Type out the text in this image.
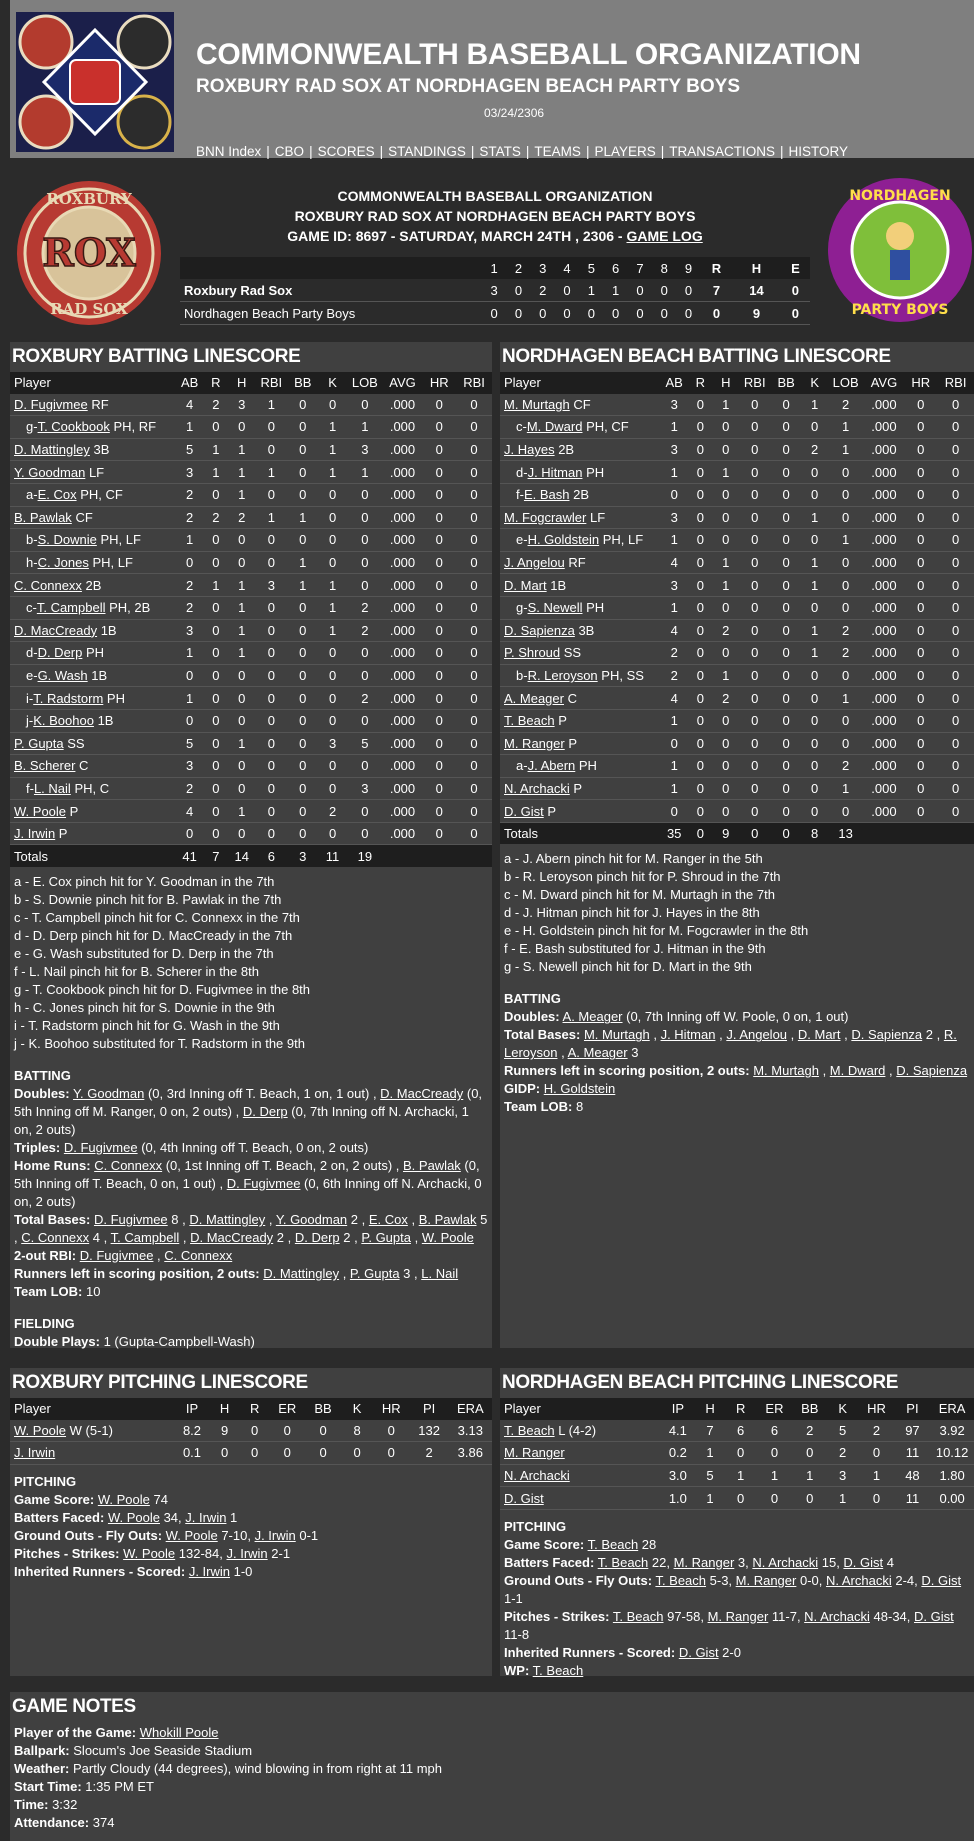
COMMONWEALTH BASEBALL ORGANIZATION
ROXBURY RAD SOX AT NORDHAGEN BEACH PARTY BOYS
03/24/2306
BNN Index | CBO | SCORES | STANDINGS | STATS | TEAMS | PLAYERS | TRANSACTIONS | HISTORY
ROX
ROXBURY
RAD SOX
NORDHAGEN
PARTY BOYS
COMMONWEALTH BASEBALL ORGANIZATION
ROXBURY RAD SOX AT NORDHAGEN BEACH PARTY BOYS
GAME ID: 8697 - SATURDAY, MARCH 24TH , 2306 - GAME LOG
	1	2	3	4	5	6	7	8	9	R	H	E
Roxbury Rad Sox	3	0	2	0	1	1	0	0	0	7	14	0
Nordhagen Beach Party Boys	0	0	0	0	0	0	0	0	0	0	9	0
ROXBURY BATTING LINESCORE
Player	AB	R	H	RBI	BB	K	LOB	AVG	HR	RBI
D. Fugivmee RF	4	2	3	1	0	0	0	.000	0	0
g-T. Cookbook PH, RF	1	0	0	0	0	1	1	.000	0	0
D. Mattingley 3B	5	1	1	0	0	1	3	.000	0	0
Y. Goodman LF	3	1	1	1	0	1	1	.000	0	0
a-E. Cox PH, CF	2	0	1	0	0	0	0	.000	0	0
B. Pawlak CF	2	2	2	1	1	0	0	.000	0	0
b-S. Downie PH, LF	1	0	0	0	0	0	0	.000	0	0
h-C. Jones PH, LF	0	0	0	0	1	0	0	.000	0	0
C. Connexx 2B	2	1	1	3	1	1	0	.000	0	0
c-T. Campbell PH, 2B	2	0	1	0	0	1	2	.000	0	0
D. MacCready 1B	3	0	1	0	0	1	2	.000	0	0
d-D. Derp PH	1	0	1	0	0	0	0	.000	0	0
e-G. Wash 1B	0	0	0	0	0	0	0	.000	0	0
i-T. Radstorm PH	1	0	0	0	0	0	2	.000	0	0
j-K. Boohoo 1B	0	0	0	0	0	0	0	.000	0	0
P. Gupta SS	5	0	1	0	0	3	5	.000	0	0
B. Scherer C	3	0	0	0	0	0	0	.000	0	0
f-L. Nail PH, C	2	0	0	0	0	0	3	.000	0	0
W. Poole P	4	0	1	0	0	2	0	.000	0	0
J. Irwin P	0	0	0	0	0	0	0	.000	0	0
Totals	41	7	14	6	3	11	19			
a - E. Cox pinch hit for Y. Goodman in the 7th
b - S. Downie pinch hit for B. Pawlak in the 7th
c - T. Campbell pinch hit for C. Connexx in the 7th
d - D. Derp pinch hit for D. MacCready in the 7th
e - G. Wash substituted for D. Derp in the 7th
f - L. Nail pinch hit for B. Scherer in the 8th
g - T. Cookbook pinch hit for D. Fugivmee in the 8th
h - C. Jones pinch hit for S. Downie in the 9th
i - T. Radstorm pinch hit for G. Wash in the 9th
j - K. Boohoo substituted for T. Radstorm in the 9th
BATTING
Doubles: Y. Goodman (0, 3rd Inning off T. Beach, 1 on, 1 out) , D. MacCready (0, 5th Inning off M. Ranger, 0 on, 2 outs) , D. Derp (0, 7th Inning off N. Archacki, 1 on, 2 outs)
Triples: D. Fugivmee (0, 4th Inning off T. Beach, 0 on, 2 outs)
Home Runs: C. Connexx (0, 1st Inning off T. Beach, 2 on, 2 outs) , B. Pawlak (0, 5th Inning off T. Beach, 0 on, 1 out) , D. Fugivmee (0, 6th Inning off N. Archacki, 0 on, 2 outs)
Total Bases: D. Fugivmee 8 , D. Mattingley , Y. Goodman 2 , E. Cox , B. Pawlak 5 , C. Connexx 4 , T. Campbell , D. MacCready 2 , D. Derp 2 , P. Gupta , W. Poole
2-out RBI: D. Fugivmee , C. Connexx
Runners left in scoring position, 2 outs: D. Mattingley , P. Gupta 3 , L. Nail
Team LOB: 10
FIELDING
Double Plays: 1 (Gupta-Campbell-Wash)
NORDHAGEN BEACH BATTING LINESCORE
Player	AB	R	H	RBI	BB	K	LOB	AVG	HR	RBI
M. Murtagh CF	3	0	1	0	0	1	2	.000	0	0
c-M. Dward PH, CF	1	0	0	0	0	0	1	.000	0	0
J. Hayes 2B	3	0	0	0	0	2	1	.000	0	0
d-J. Hitman PH	1	0	1	0	0	0	0	.000	0	0
f-E. Bash 2B	0	0	0	0	0	0	0	.000	0	0
M. Fogcrawler LF	3	0	0	0	0	1	0	.000	0	0
e-H. Goldstein PH, LF	1	0	0	0	0	0	1	.000	0	0
J. Angelou RF	4	0	1	0	0	1	0	.000	0	0
D. Mart 1B	3	0	1	0	0	1	0	.000	0	0
g-S. Newell PH	1	0	0	0	0	0	0	.000	0	0
D. Sapienza 3B	4	0	2	0	0	1	2	.000	0	0
P. Shroud SS	2	0	0	0	0	1	2	.000	0	0
b-R. Leroyson PH, SS	2	0	1	0	0	0	0	.000	0	0
A. Meager C	4	0	2	0	0	0	1	.000	0	0
T. Beach P	1	0	0	0	0	0	0	.000	0	0
M. Ranger P	0	0	0	0	0	0	0	.000	0	0
a-J. Abern PH	1	0	0	0	0	0	2	.000	0	0
N. Archacki P	1	0	0	0	0	0	1	.000	0	0
D. Gist P	0	0	0	0	0	0	0	.000	0	0
Totals	35	0	9	0	0	8	13			
a - J. Abern pinch hit for M. Ranger in the 5th
b - R. Leroyson pinch hit for P. Shroud in the 7th
c - M. Dward pinch hit for M. Murtagh in the 7th
d - J. Hitman pinch hit for J. Hayes in the 8th
e - H. Goldstein pinch hit for M. Fogcrawler in the 8th
f - E. Bash substituted for J. Hitman in the 9th
g - S. Newell pinch hit for D. Mart in the 9th
BATTING
Doubles: A. Meager (0, 7th Inning off W. Poole, 0 on, 1 out)
Total Bases: M. Murtagh , J. Hitman , J. Angelou , D. Mart , D. Sapienza 2 , R. Leroyson , A. Meager 3
Runners left in scoring position, 2 outs: M. Murtagh , M. Dward , D. Sapienza
GIDP: H. Goldstein
Team LOB: 8
ROXBURY PITCHING LINESCORE
Player	IP	H	R	ER	BB	K	HR	PI	ERA
W. Poole W (5-1)	8.2	9	0	0	0	8	0	132	3.13
J. Irwin	0.1	0	0	0	0	0	0	2	3.86
PITCHING
Game Score: W. Poole 74
Batters Faced: W. Poole 34, J. Irwin 1
Ground Outs - Fly Outs: W. Poole 7-10, J. Irwin 0-1
Pitches - Strikes: W. Poole 132-84, J. Irwin 2-1
Inherited Runners - Scored: J. Irwin 1-0
NORDHAGEN BEACH PITCHING LINESCORE
Player	IP	H	R	ER	BB	K	HR	PI	ERA
T. Beach L (4-2)	4.1	7	6	6	2	5	2	97	3.92
M. Ranger	0.2	1	0	0	0	2	0	11	10.12
N. Archacki	3.0	5	1	1	1	3	1	48	1.80
D. Gist	1.0	1	0	0	0	1	0	11	0.00
PITCHING
Game Score: T. Beach 28
Batters Faced: T. Beach 22, M. Ranger 3, N. Archacki 15, D. Gist 4
Ground Outs - Fly Outs: T. Beach 5-3, M. Ranger 0-0, N. Archacki 2-4, D. Gist 1-1
Pitches - Strikes: T. Beach 97-58, M. Ranger 11-7, N. Archacki 48-34, D. Gist 11-8
Inherited Runners - Scored: D. Gist 2-0
WP: T. Beach
GAME NOTES
Player of the Game: Whokill Poole
Ballpark: Slocum's Joe Seaside Stadium
Weather: Partly Cloudy (44 degrees), wind blowing in from right at 11 mph
Start Time: 1:35 PM ET
Time: 3:32
Attendance: 374
